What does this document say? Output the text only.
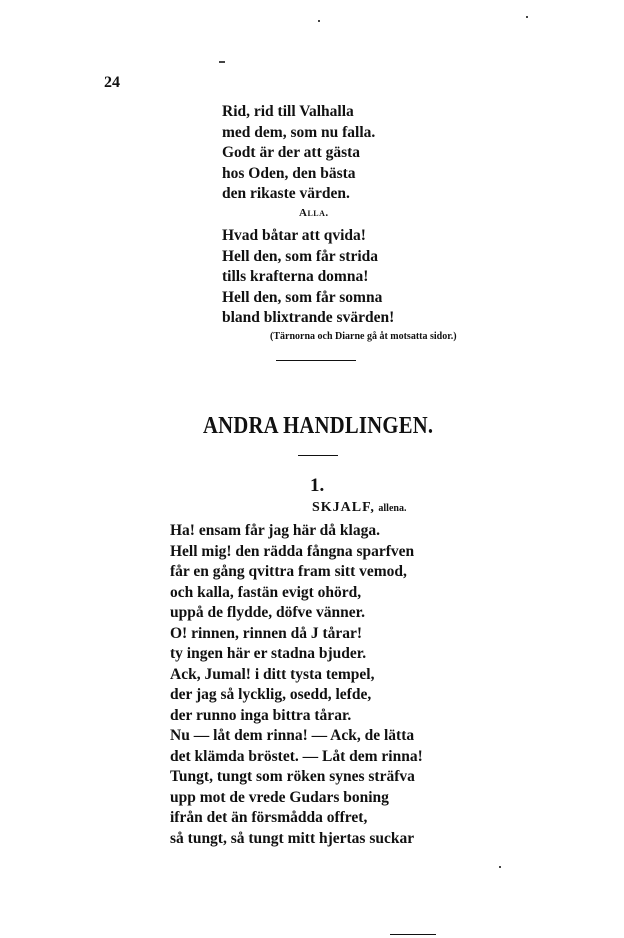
24
Rid, rid till Valhalla
med dem, som nu falla.
Godt är der att gästa
hos Oden, den bästa
den rikaste värden.
Alla.
Hvad båtar att qvida!
Hell den, som får strida
tills krafterna domna!
Hell den, som får somna
bland blixtrande svärden!
(Tärnorna och Diarne gå åt motsatta sidor.)
ANDRA HANDLINGEN.
1.
SKJALF, allena.
Ha! ensam får jag här då klaga.
Hell mig! den rädda fångna sparfven
får en gång qvittra fram sitt vemod,
och kalla, fastän evigt ohörd,
uppå de flydde, döfve vänner.
O! rinnen, rinnen då J tårar!
ty ingen här er stadna bjuder.
Ack, Jumal! i ditt tysta tempel,
der jag så lycklig, osedd, lefde,
der runno inga bittra tårar.
Nu — låt dem rinna! — Ack, de lätta
det klämda bröstet. — Låt dem rinna!
Tungt, tungt som röken synes sträfva
upp mot de vrede Gudars boning
ifrån det än försmådda offret,
så tungt, så tungt mitt hjertas suckar
